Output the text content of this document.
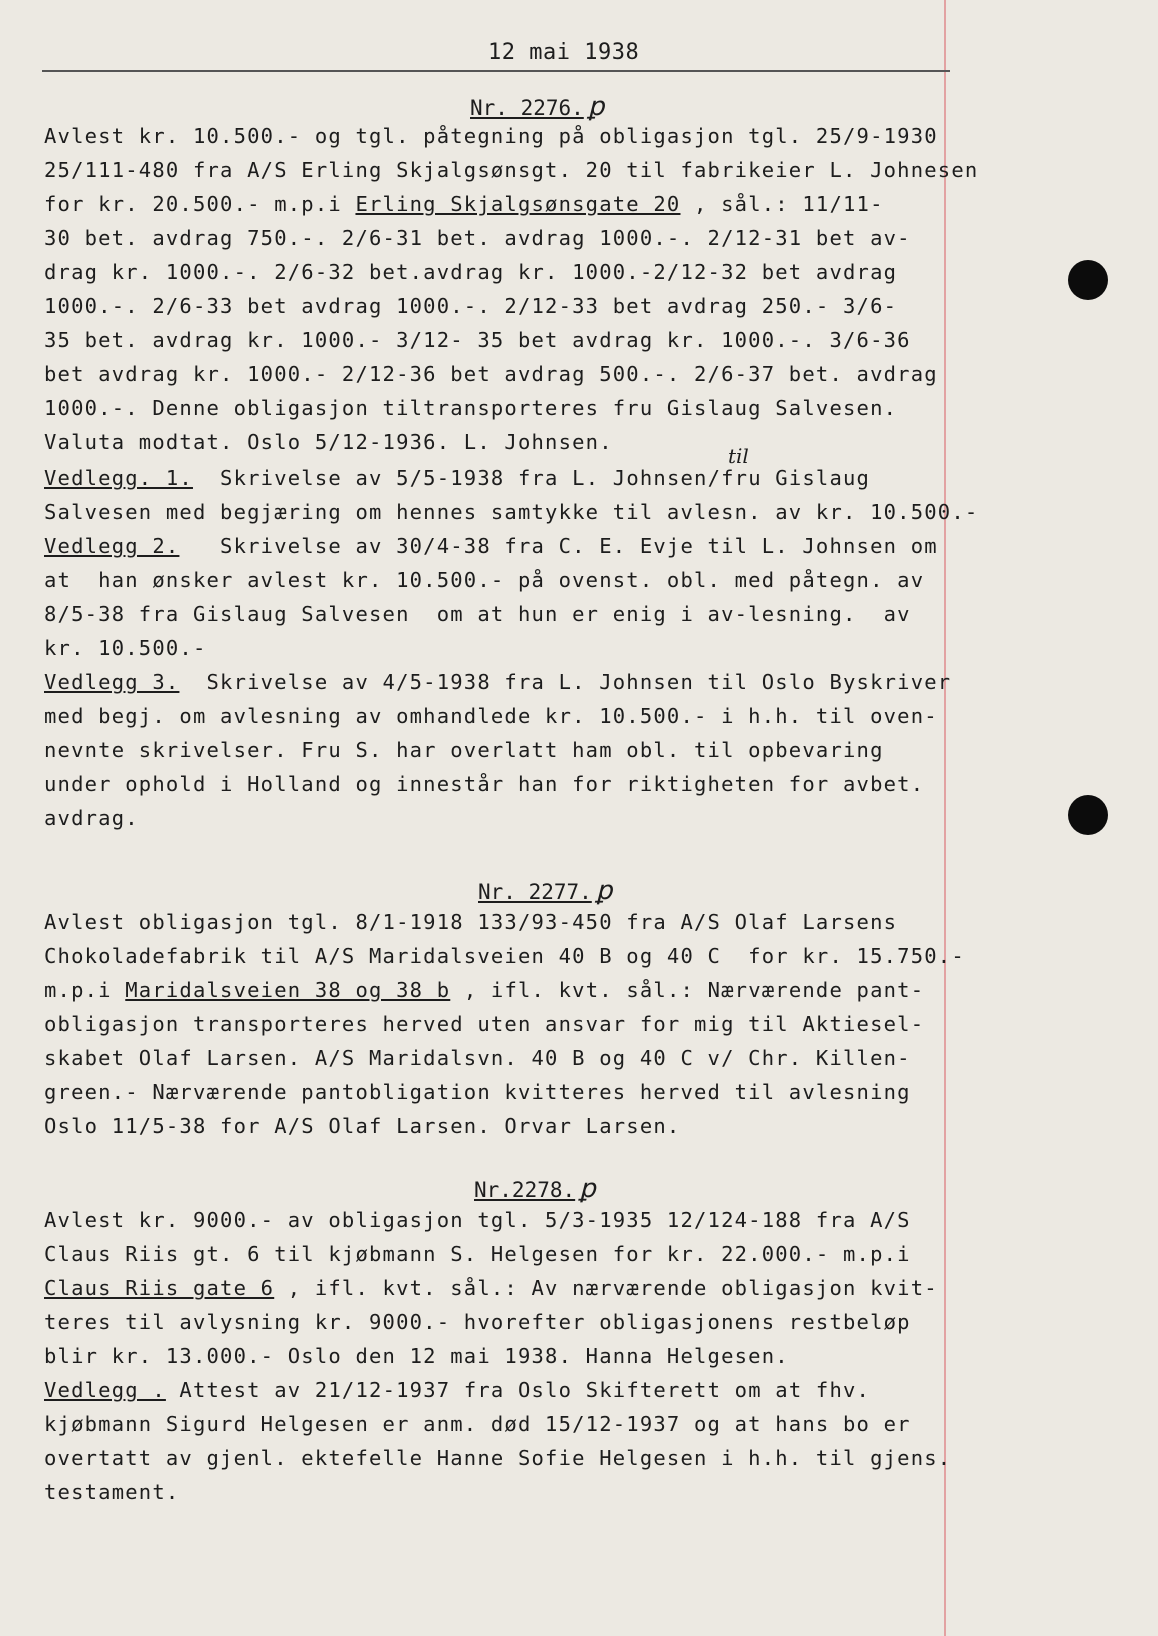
12 mai 1938
Nr. 2276. ꝑ
Avlest kr. 10.500.- og tgl. påtegning på obligasjon tgl. 25/9-1930
25/111-480 fra A/S Erling Skjalgsønsgt. 20 til fabrikeier L. Johnesen
for kr. 20.500.- m.p.i Erling Skjalgsønsgate 20 , sål.: 11/11-
30 bet. avdrag 750.-. 2/6-31 bet. avdrag 1000.-. 2/12-31 bet av-
drag kr. 1000.-. 2/6-32 bet.avdrag kr. 1000.-2/12-32 bet avdrag
1000.-. 2/6-33 bet avdrag 1000.-. 2/12-33 bet avdrag 250.- 3/6-
35 bet. avdrag kr. 1000.- 3/12- 35 bet avdrag kr. 1000.-. 3/6-36
bet avdrag kr. 1000.- 2/12-36 bet avdrag 500.-. 2/6-37 bet. avdrag
1000.-. Denne obligasjon tiltransporteres fru Gislaug Salvesen.
Valuta modtat. Oslo 5/12-1936. L. Johnsen.
til
Vedlegg. 1.  Skrivelse av 5/5-1938 fra L. Johnsen/fru Gislaug
Salvesen med begjæring om hennes samtykke til avlesn. av kr. 10.500.-
Vedlegg 2.   Skrivelse av 30/4-38 fra C. E. Evje til L. Johnsen om
at  han ønsker avlest kr. 10.500.- på ovenst. obl. med påtegn. av
8/5-38 fra Gislaug Salvesen  om at hun er enig i av-lesning.  av
kr. 10.500.-
Vedlegg 3.  Skrivelse av 4/5-1938 fra L. Johnsen til Oslo Byskriver
med begj. om avlesning av omhandlede kr. 10.500.- i h.h. til oven-
nevnte skrivelser. Fru S. har overlatt ham obl. til opbevaring
under ophold i Holland og innestår han for riktigheten for avbet.
avdrag.
Nr. 2277. ꝑ
Avlest obligasjon tgl. 8/1-1918 133/93-450 fra A/S Olaf Larsens
Chokoladefabrik til A/S Maridalsveien 40 B og 40 C  for kr. 15.750.-
m.p.i Maridalsveien 38 og 38 b , ifl. kvt. sål.: Nærværende pant-
obligasjon transporteres herved uten ansvar for mig til Aktiesel-
skabet Olaf Larsen. A/S Maridalsvn. 40 B og 40 C v/ Chr. Killen-
green.- Nærværende pantobligation kvitteres herved til avlesning
Oslo 11/5-38 for A/S Olaf Larsen. Orvar Larsen.
Nr.2278. ꝑ
Avlest kr. 9000.- av obligasjon tgl. 5/3-1935 12/124-188 fra A/S
Claus Riis gt. 6 til kjøbmann S. Helgesen for kr. 22.000.- m.p.i
Claus Riis gate 6 , ifl. kvt. sål.: Av nærværende obligasjon kvit-
teres til avlysning kr. 9000.- hvorefter obligasjonens restbeløp
blir kr. 13.000.- Oslo den 12 mai 1938. Hanna Helgesen.
Vedlegg . Attest av 21/12-1937 fra Oslo Skifterett om at fhv.
kjøbmann Sigurd Helgesen er anm. død 15/12-1937 og at hans bo er
overtatt av gjenl. ektefelle Hanne Sofie Helgesen i h.h. til gjens.
testament.
